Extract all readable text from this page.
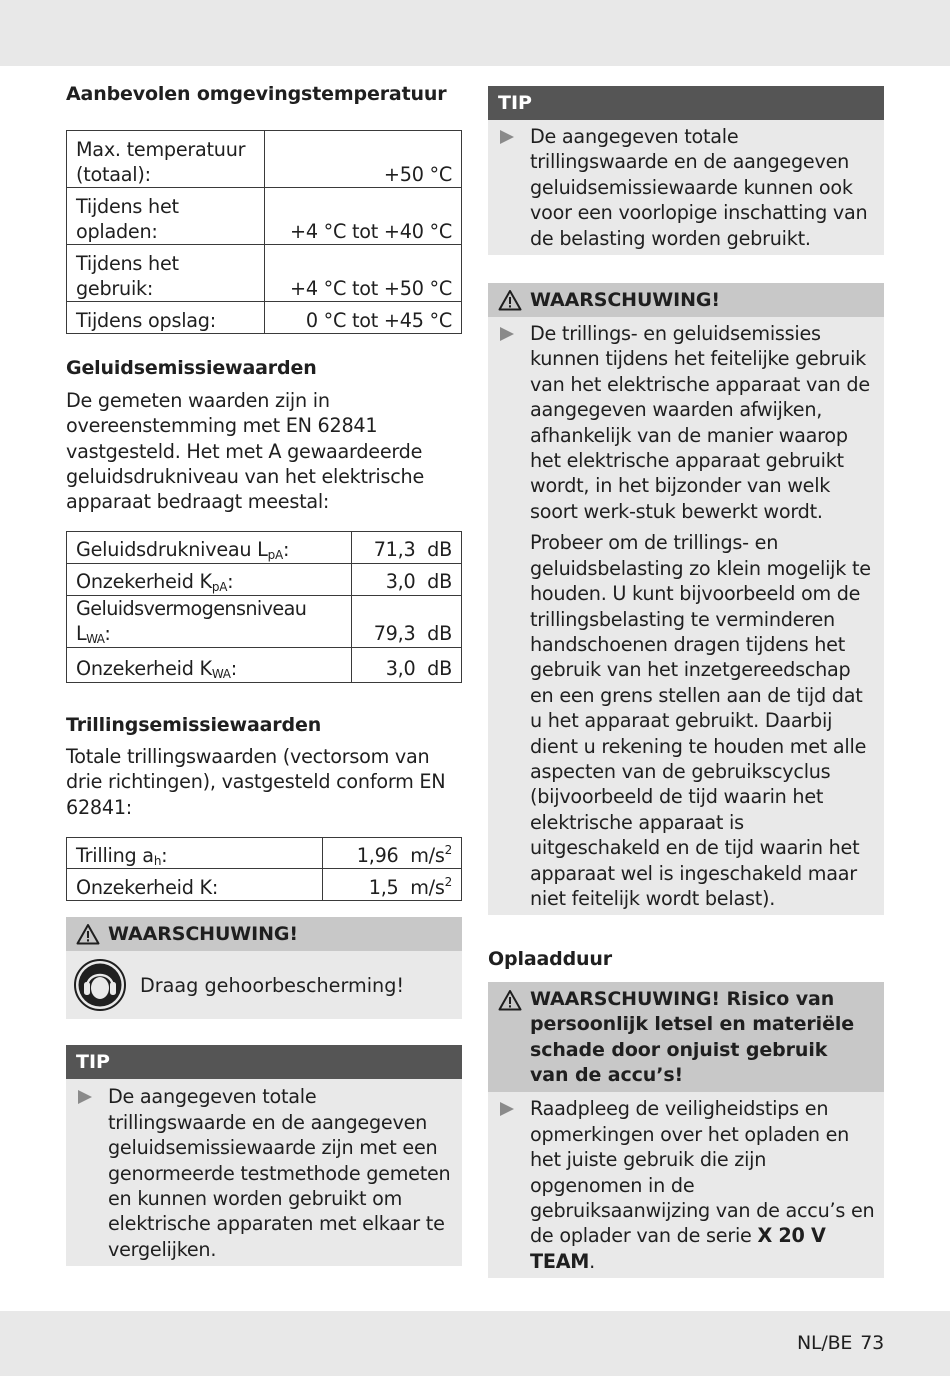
Aanbevolen omgevingstemperatuur
Max. temperatuur (totaal):	+50 °C
Tijdens het opladen:	+4 °C tot +40 °C
Tijdens het gebruik:	+4 °C tot +50 °C
Tijdens opslag:	0 °C tot +45 °C
Geluidsemissiewaarden
De gemeten waarden zijn in overeenstemming met EN 62841 vastgesteld. Het met A gewaardeerde geluidsdrukniveau van het elektrische apparaat bedraagt meestal:
Geluidsdrukniveau $L_{pA}$:	71,3 dB
Onzekerheid $K_{pA}$:	3,0 dB
Geluidsvermogensniveau $L_{WA}$:	79,3 dB
Onzekerheid $K_{WA}$:	3,0 dB
Trillingsemissiewaarden
Totale trillingswaarden (vectorsom van drie richtingen), vastgesteld conform EN 62841:
Trilling $a_h$:	1,96 $m/s^2$
Onzekerheid K:	1,5 $m/s^2$
WAARSCHUWING!
Draag gehoorbescherming!
TIP
De aangegeven totale trillingswaarde en de aangegeven geluidsemissiewaarde zijn met een genormeerde testmethode gemeten en kunnen worden gebruikt om elektrische apparaten met elkaar te vergelijken.
TIP
De aangegeven totale trillingswaarde en de aangegeven geluidsemissiewaarde kunnen ook voor een voorlopige inschatting van de belasting worden gebruikt.
WAARSCHUWING!
De trillings- en geluidsemissies kunnen tijdens het feitelijke gebruik van het elektrische apparaat van de aangegeven waarden afwijken, afhankelijk van de manier waarop het elektrische apparaat gebruikt wordt, in het bijzonder van welk soort werk-stuk bewerkt wordt.
Probeer om de trillings- en geluidsbelasting zo klein mogelijk te houden. U kunt bijvoorbeeld om de trillingsbelasting te verminderen handschoenen dragen tijdens het gebruik van het inzetgereedschap en een grens stellen aan de tijd dat u het apparaat gebruikt. Daarbij dient u rekening te houden met alle aspecten van de gebruikscyclus (bijvoorbeeld de tijd waarin het elektrische apparaat is uitgeschakeld en de tijd waarin het apparaat wel is ingeschakeld maar niet feitelijk wordt belast).
Oplaadduur
WAARSCHUWING! Risico van persoonlijk letsel en materiële schade door onjuist gebruik van de accu’s!
Raadpleeg de veiligheidstips en opmerkingen over het opladen en het juiste gebruik die zijn opgenomen in de gebruiksaanwijzing van de accu’s en de oplader van de serie X 20 V TEAM.
NL/BE 73
